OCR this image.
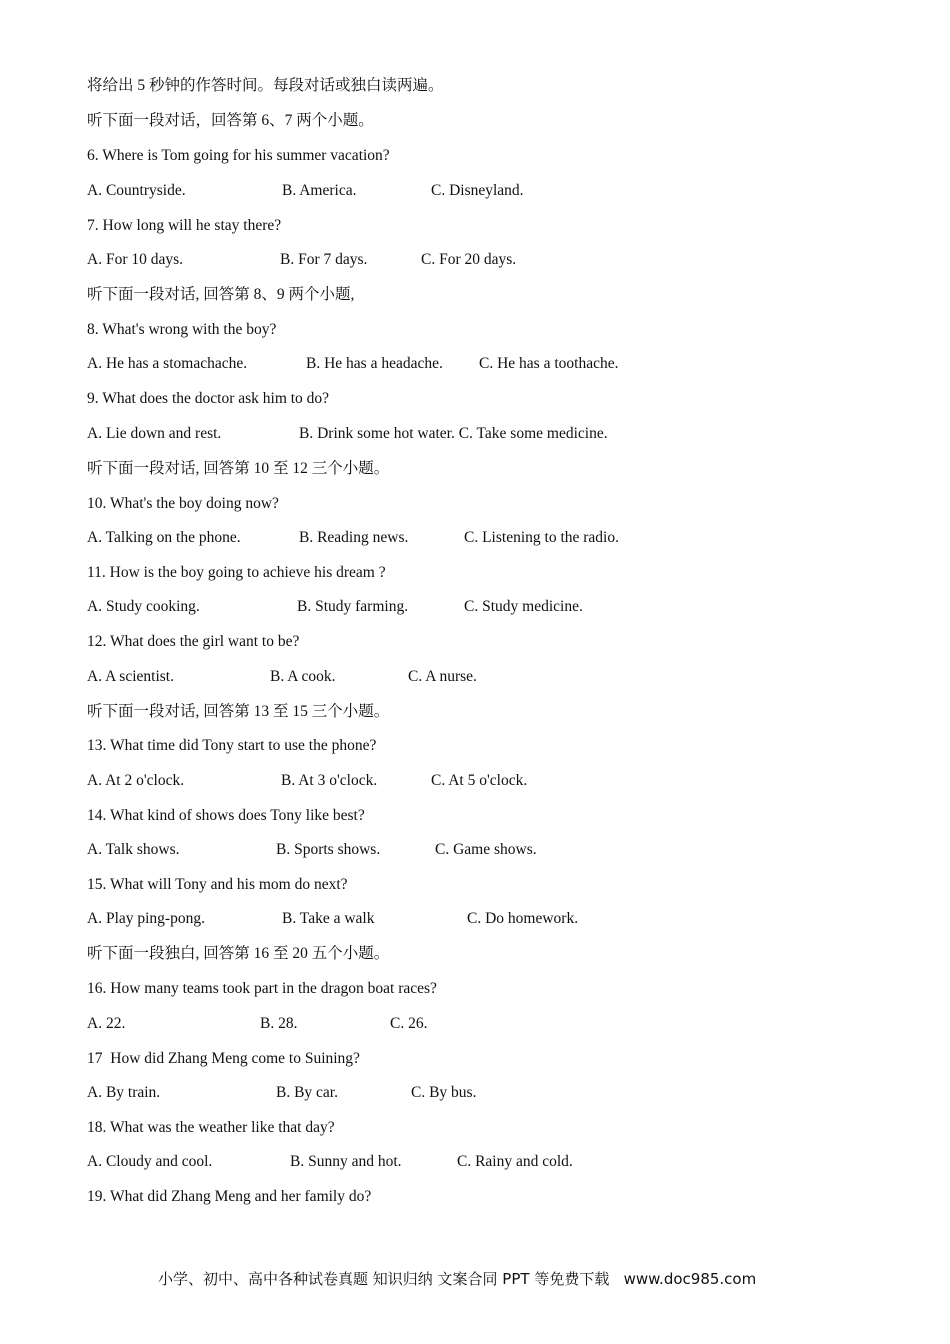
将给出 5 秒钟的作答时间。每段对话或独白读两遍。
听下面一段对话，回答第 6、7 两个小题。
6. Where is Tom going for his summer vacation?
A. Countryside.	B. America.	C. Disneyland.
7. How long will he stay there?
A. For 10 days.	B. For 7 days.	C. For 20 days.
听下面一段对话, 回答第 8、9 两个小题,
8. What's wrong with the boy?
A. He has a stomachache.	B. He has a headache. C. He has a toothache.
9. What does the doctor ask him to do?
A. Lie down and rest.	B. Drink some hot water. C. Take some medicine.
听下面一段对话, 回答第 10 至 12 三个小题。
10. What's the boy doing now?
A. Talking on the phone.	B. Reading news.	C. Listening to the radio.
11. How is the boy going to achieve his dream ?
A. Study cooking.	B. Study farming.	C. Study medicine.
12. What does the girl want to be?
A. A scientist.	B. A cook.	C. A nurse.
听下面一段对话, 回答第 13 至 15 三个小题。
13. What time did Tony start to use the phone?
A. At 2 o'clock.	B. At 3 o'clock.	C. At 5 o'clock.
14. What kind of shows does Tony like best?
A. Talk shows.	B. Sports shows.	C. Game shows.
15. What will Tony and his mom do next?
A. Play ping-pong.	B. Take a walk	C. Do homework.
听下面一段独白, 回答第 16 至 20 五个小题。
16. How many teams took part in the dragon boat races?
A. 22.	B. 28.	C. 26.
17  How did Zhang Meng come to Suining?
A. By train.	B. By car.	C. By bus.
18. What was the weather like that day?
A. Cloudy and cool.	B. Sunny and hot.	C. Rainy and cold.
19. What did Zhang Meng and her family do?
小学、初中、高中各种试卷真题 知识归纳 文案合同 PPT 等免费下载   www.doc985.com
